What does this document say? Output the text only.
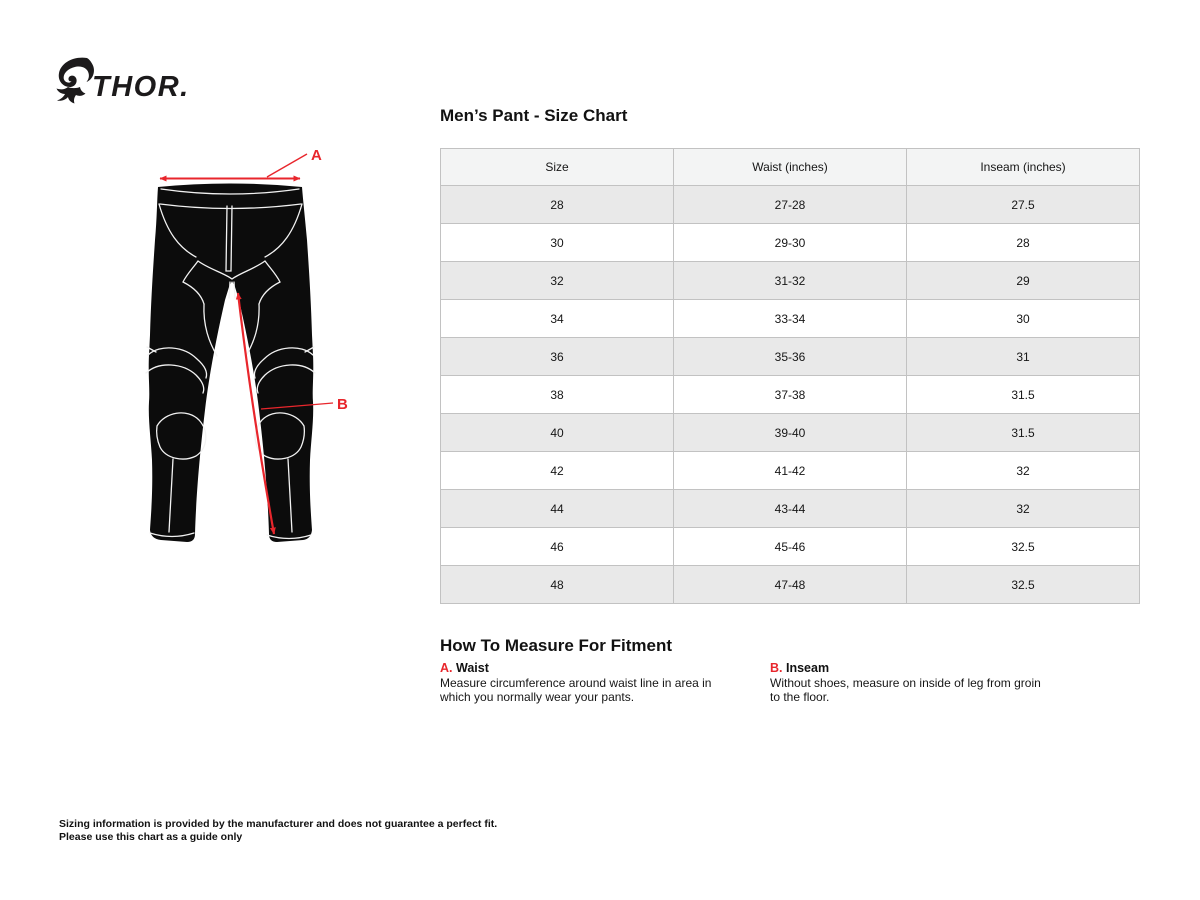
THOR.
A
B
Men’s Pant - Size Chart
Size	Waist (inches)	Inseam (inches)
28	27-28	27.5
30	29-30	28
32	31-32	29
34	33-34	30
36	35-36	31
38	37-38	31.5
40	39-40	31.5
42	41-42	32
44	43-44	32
46	45-46	32.5
48	47-48	32.5
How To Measure For Fitment

A. Waist

Measure circumference around waist line in area in which you normally wear your pants.

B. Inseam

Without shoes, measure on inside of leg from groin to the floor.

Sizing information is provided by the manufacturer and does not guarantee a perfect fit.
Please use this chart as a guide only
